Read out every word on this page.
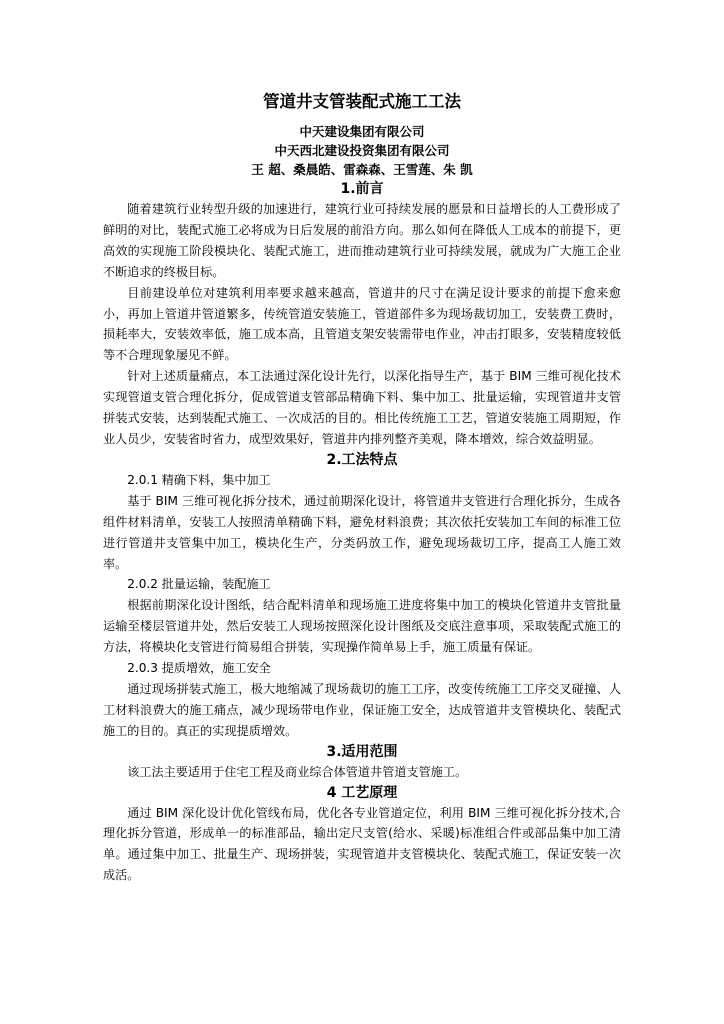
管道井支管装配式施工工法
中天建设集团有限公司
中天西北建设投资集团有限公司
王 超、桑晨皓、雷森森、王雪莲、朱 凯
1.前言

随着建筑行业转型升级的加速进行，建筑行业可持续发展的愿景和日益增长的人工费形成了鲜明的对比，装配式施工必将成为日后发展的前沿方向。那么如何在降低人工成本的前提下，更高效的实现施工阶段模块化、装配式施工，进而推动建筑行业可持续发展，就成为广大施工企业不断追求的终极目标。

目前建设单位对建筑利用率要求越来越高，管道井的尺寸在满足设计要求的前提下愈来愈小，再加上管道井管道繁多，传统管道安装施工，管道部件多为现场裁切加工，安装费工费时，损耗率大，安装效率低，施工成本高，且管道支架安装需带电作业，冲击打眼多，安装精度较低等不合理现象屡见不鲜。

针对上述质量痛点，本工法通过深化设计先行，以深化指导生产，基于 BIM 三维可视化技术实现管道支管合理化拆分，促成管道支管部品精确下料、集中加工、批量运输，实现管道井支管拼装式安装，达到装配式施工、一次成活的目的。相比传统施工工艺，管道安装施工周期短，作业人员少，安装省时省力，成型效果好，管道井内排列整齐美观，降本增效，综合效益明显。

2.工法特点

2.0.1 精确下料，集中加工

基于 BIM 三维可视化拆分技术，通过前期深化设计，将管道井支管进行合理化拆分，生成各组件材料清单，安装工人按照清单精确下料，避免材料浪费；其次依托安装加工车间的标准工位进行管道井支管集中加工，模块化生产，分类码放工作，避免现场裁切工序，提高工人施工效率。

2.0.2 批量运输，装配施工

根据前期深化设计图纸，结合配料清单和现场施工进度将集中加工的模块化管道井支管批量运输至楼层管道井处，然后安装工人现场按照深化设计图纸及交底注意事项，采取装配式施工的方法，将模块化支管进行简易组合拼装，实现操作简单易上手，施工质量有保证。

2.0.3 提质增效，施工安全

通过现场拼装式施工，极大地缩减了现场裁切的施工工序，改变传统施工工序交叉碰撞、人工材料浪费大的施工痛点，减少现场带电作业，保证施工安全，达成管道井支管模块化、装配式施工的目的。真正的实现提质增效。

3.适用范围

该工法主要适用于住宅工程及商业综合体管道井管道支管施工。

4 工艺原理

通过 BIM 深化设计优化管线布局，优化各专业管道定位，利用 BIM 三维可视化拆分技术,合理化拆分管道，形成单一的标准部品，输出定尺支管(给水、采暖)标准组合件或部品集中加工清单。通过集中加工、批量生产、现场拼装，实现管道井支管模块化、装配式施工，保证安装一次成活。
